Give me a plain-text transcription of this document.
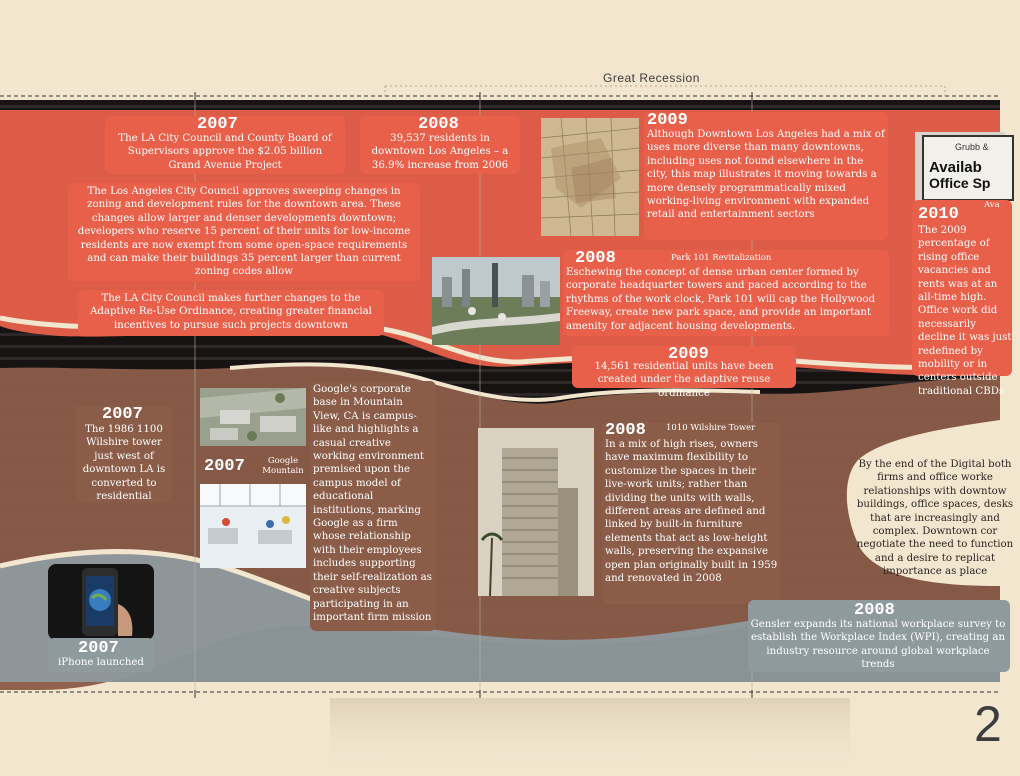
Great Recession
2007
The LA City Council and County Board of Supervisors approve the $2.05 billion Grand Avenue Project
2008
39,537 residents in downtown Los Angeles – a 36.9% increase from 2006
The Los Angeles City Council approves sweeping changes in zoning and development rules for the downtown area. These changes allow larger and denser developments downtown; developers who reserve 15 percent of their units for low-income residents are now exempt from some open-space requirements and can make their buildings 35 percent larger than current zoning codes allow
The LA City Council makes further changes to the Adaptive Re-Use Ordinance, creating greater financial incentives to pursue such projects downtown
2009
Although Downtown Los Angeles had a mix of uses more diverse than many downtowns, including uses not found elsewhere in the city, this map illustrates it moving towards a more densely programmatically mixed working-living environment with expanded retail and entertainment sectors
Grubb &
Availab
Office Sp
Ava
2010
The 2009 percentage of rising office vacancies and rents was at an all-time high. Office work did necessarily decline it was just redefined by mobility or in centers outside traditional CBDs
2008	Park 101 Revitalization
Eschewing the concept of dense urban center formed by corporate headquarter towers and paced according to the rhythms of the work clock, Park 101 will cap the Hollywood Freeway, create new park space, and provide an important amenity for adjacent housing developments.
2009
14,561 residential units have been created under the adaptive reuse ordinance
2007
The 1986 1100 Wilshire tower just west of downtown LA is converted to residential
2007	Google Mountain
Google's corporate base in Mountain View, CA is campus-like and highlights a casual creative working environment premised upon the campus model of educational institutions, marking Google as a firm whose relationship with their employees includes supporting their self-realization as creative subjects participating in an important firm mission
2008 1010 Wilshire Tower
In a mix of high rises, owners have maximum flexibility to customize the spaces in their live-work units; rather than dividing the units with walls, different areas are defined and linked by built-in furniture elements that act as low-height walls, preserving the expansive open plan originally built in 1959 and renovated in 2008
By the end of the Digital both firms and office worke relationships with downtow buildings, office spaces, desks that are increasingly and complex. Downtown cor negotiate the need to function and a desire to replicat importance as place
2007
iPhone launched
2008
Gensler expands its national workplace survey to establish the Workplace Index (WPI), creating an industry resource around global workplace trends
2
